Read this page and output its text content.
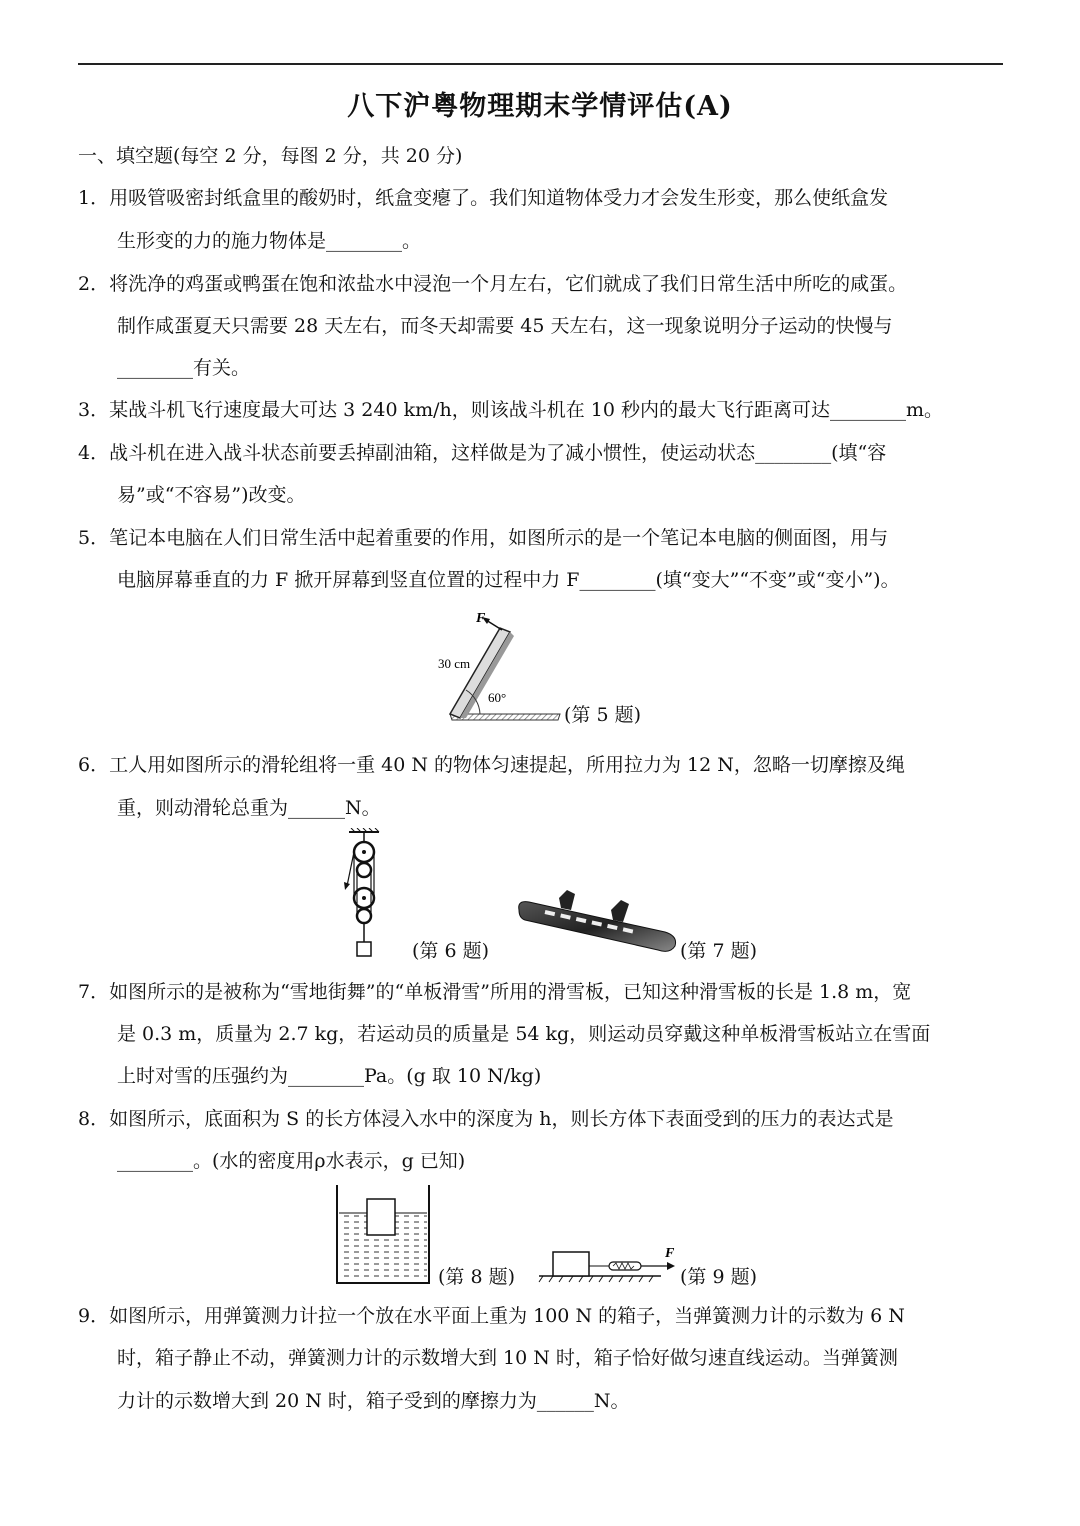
八下沪粤物理期末学情评估(A)
一、填空题(每空 2 分，每图 2 分，共 20 分)
1．用吸管吸密封纸盒里的酸奶时，纸盒变瘪了。我们知道物体受力才会发生形变，那么使纸盒发
生形变的力的施力物体是________。
2．将洗净的鸡蛋或鸭蛋在饱和浓盐水中浸泡一个月左右，它们就成了我们日常生活中所吃的咸蛋。
制作咸蛋夏天只需要 28 天左右，而冬天却需要 45 天左右，这一现象说明分子运动的快慢与
________有关。
3．某战斗机飞行速度最大可达 3 240 km/h，则该战斗机在 10 秒内的最大飞行距离可达________m。
4．战斗机在进入战斗状态前要丢掉副油箱，这样做是为了减小惯性，使运动状态________(填“容
易”或“不容易”)改变。
5．笔记本电脑在人们日常生活中起着重要的作用，如图所示的是一个笔记本电脑的侧面图，用与
电脑屏幕垂直的力 F 掀开屏幕到竖直位置的过程中力 F________(填“变大”“不变”或“变小”)。
F
30 cm
60°
(第 5 题)
6．工人用如图所示的滑轮组将一重 40 N 的物体匀速提起，所用拉力为 12 N，忽略一切摩擦及绳
重，则动滑轮总重为______N。
(第 6 题)	(第 7 题)
7．如图所示的是被称为“雪地街舞”的“单板滑雪”所用的滑雪板，已知这种滑雪板的长是 1.8 m，宽
是 0.3 m，质量为 2.7 kg，若运动员的质量是 54 kg，则运动员穿戴这种单板滑雪板站立在雪面
上时对雪的压强约为________Pa。(g 取 10 N/kg)
8．如图所示，底面积为 S 的长方体浸入水中的深度为 h，则长方体下表面受到的压力的表达式是
________。(水的密度用ρ水表示，g 已知)
(第 8 题)
F
(第 9 题)
9．如图所示，用弹簧测力计拉一个放在水平面上重为 100 N 的箱子，当弹簧测力计的示数为 6 N
时，箱子静止不动，弹簧测力计的示数增大到 10 N 时，箱子恰好做匀速直线运动。当弹簧测
力计的示数增大到 20 N 时，箱子受到的摩擦力为______N。
